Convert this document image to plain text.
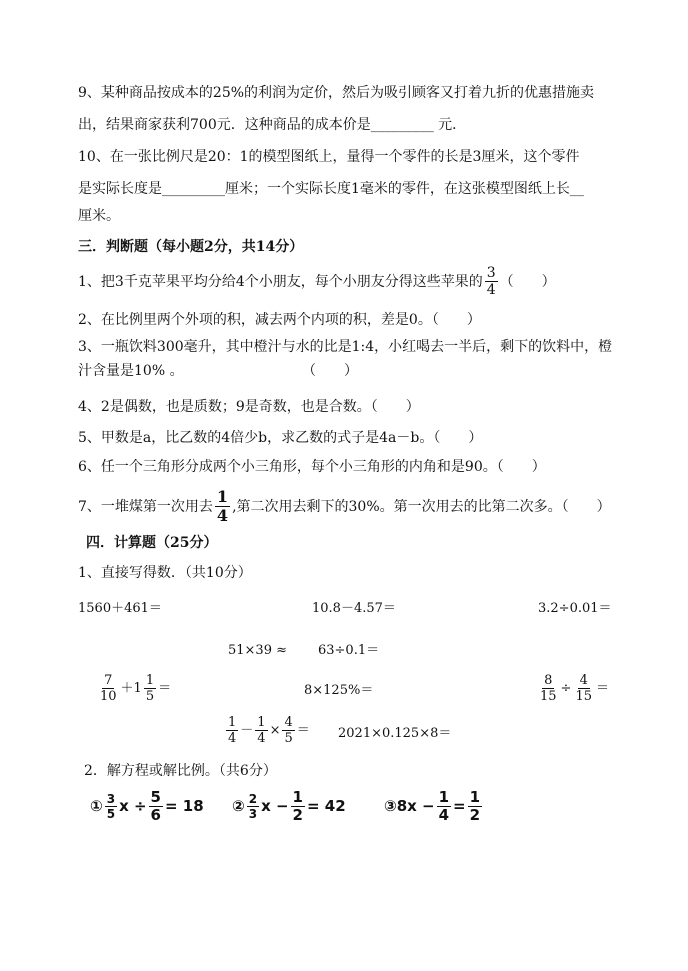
9、某种商品按成本的25%的利润为定价，然后为吸引顾客又打着九折的优惠措施卖
出，结果商家获利700元．这种商品的成本价是_________ 元．
10、在一张比例尺是20：1的模型图纸上，量得一个零件的长是3厘米，这个零件
是实际长度是_________厘米；一个实际长度1毫米的零件，在这张模型图纸上长__
厘米。
三．判断题（每小题2分，共14分）
1、把3千克苹果平均分给4个小朋友，每个小朋友分得这些苹果的 $\frac{3}{4}$ （　　）
2、在比例里两个外项的积，减去两个内项的积，差是0。（　　）
3、一瓶饮料300毫升，其中橙汁与水的比是1:4，小红喝去一半后，剩下的饮料中，橙
汁含量是10% 。	（　　）
4、2是偶数，也是质数；9是奇数，也是合数。（　　）
5、甲数是a，比乙数的4倍少b，求乙数的式子是4a－b。（　　）
6、任一个三角形分成两个小三角形，每个小三角形的内角和是90。（　　）
7、一堆煤第一次用去 $\frac{1}{4}$ ,第二次用去剩下的30%。第一次用去的比第二次多。（　　）
四．计算题（25分）
1、直接写得数．（共10分）
1560＋461＝	10.8－4.57＝	3.2÷0.01＝
51×39 ≈ 63÷0.1＝
$\frac{7}{10} +1 \frac{1}{5}$ ＝	8×125%＝	$\frac{8}{15} \div \frac{4}{15}$ ＝
$\frac{1}{4} - \frac{1}{4} \times \frac{4}{5} = 2021\times 0.125\times 8=$
2．解方程或解比例。（共6分）
① $\frac{3}{5}$ $x \div \frac{5}{6} = 18$ ② $\frac{2}{3}$ $x - \frac{1}{2} = 42$	③ $8x - \frac{1}{4} = \frac{1}{2}$
